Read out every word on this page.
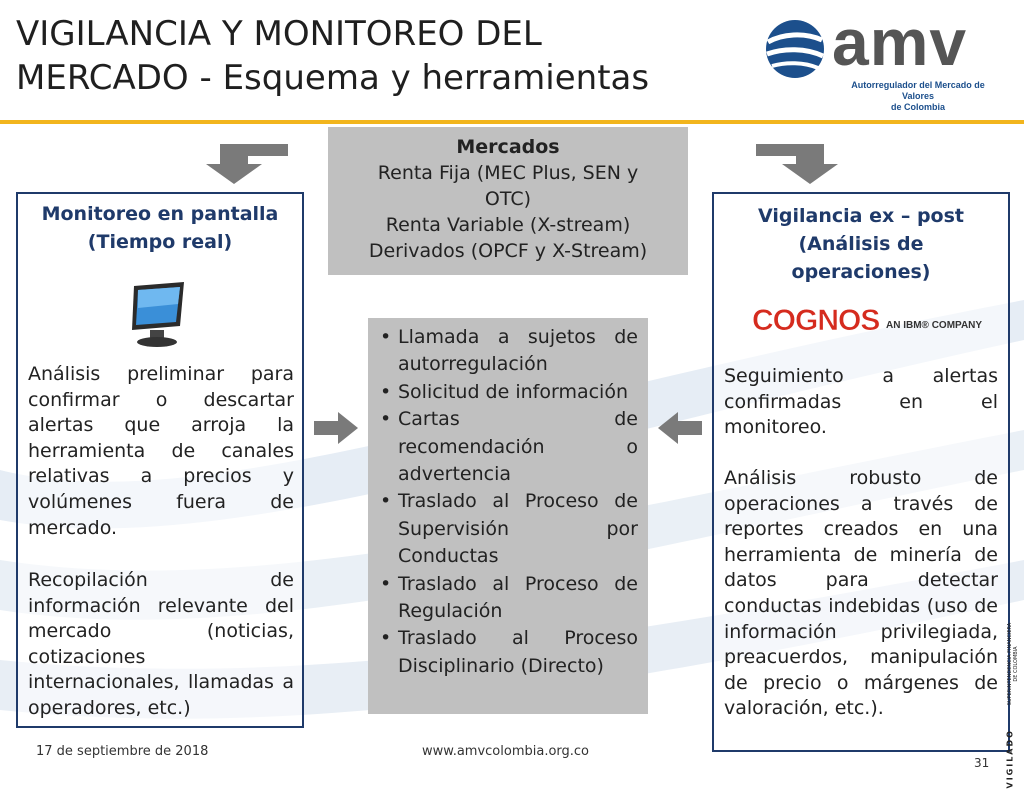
VIGILANCIA Y MONITOREO DEL
MERCADO - Esquema y herramientas	amv
Autorregulador del Mercado de Valores
de Colombia
Mercados
Renta Fija (MEC Plus, SEN y
OTC)
Renta Variable (X-stream)
Derivados (OPCF y X-Stream)
Monitoreo en pantalla
(Tiempo real)
Análisis preliminar para confirmar o descartar alertas que arroja la herramienta de canales relativas a precios y volúmenes fuera de mercado.
Recopilación de información relevante del mercado (noticias, cotizaciones internacionales, llamadas a operadores, etc.)
• Llamada a sujetos de autorregulación
• Solicitud de información
• Cartas de recomendación o advertencia
• Traslado al Proceso de Supervisión por Conductas
• Traslado al Proceso de Regulación
• Traslado al Proceso Disciplinario (Directo)
Vigilancia ex – post
(Análisis de
operaciones)
COGNOS AN IBM® COMPANY
Seguimiento a alertas confirmadas en el monitoreo.
Análisis robusto de operaciones a través de reportes creados en una herramienta de minería de datos para detectar conductas indebidas (uso de información privilegiada, preacuerdos, manipulación de precio o márgenes de valoración, etc.).
VIGILADO
SUPERINTENDENCIA FINANCIERA DE COLOMBIA
17 de septiembre de 2018	www.amvcolombia.org.co
31
